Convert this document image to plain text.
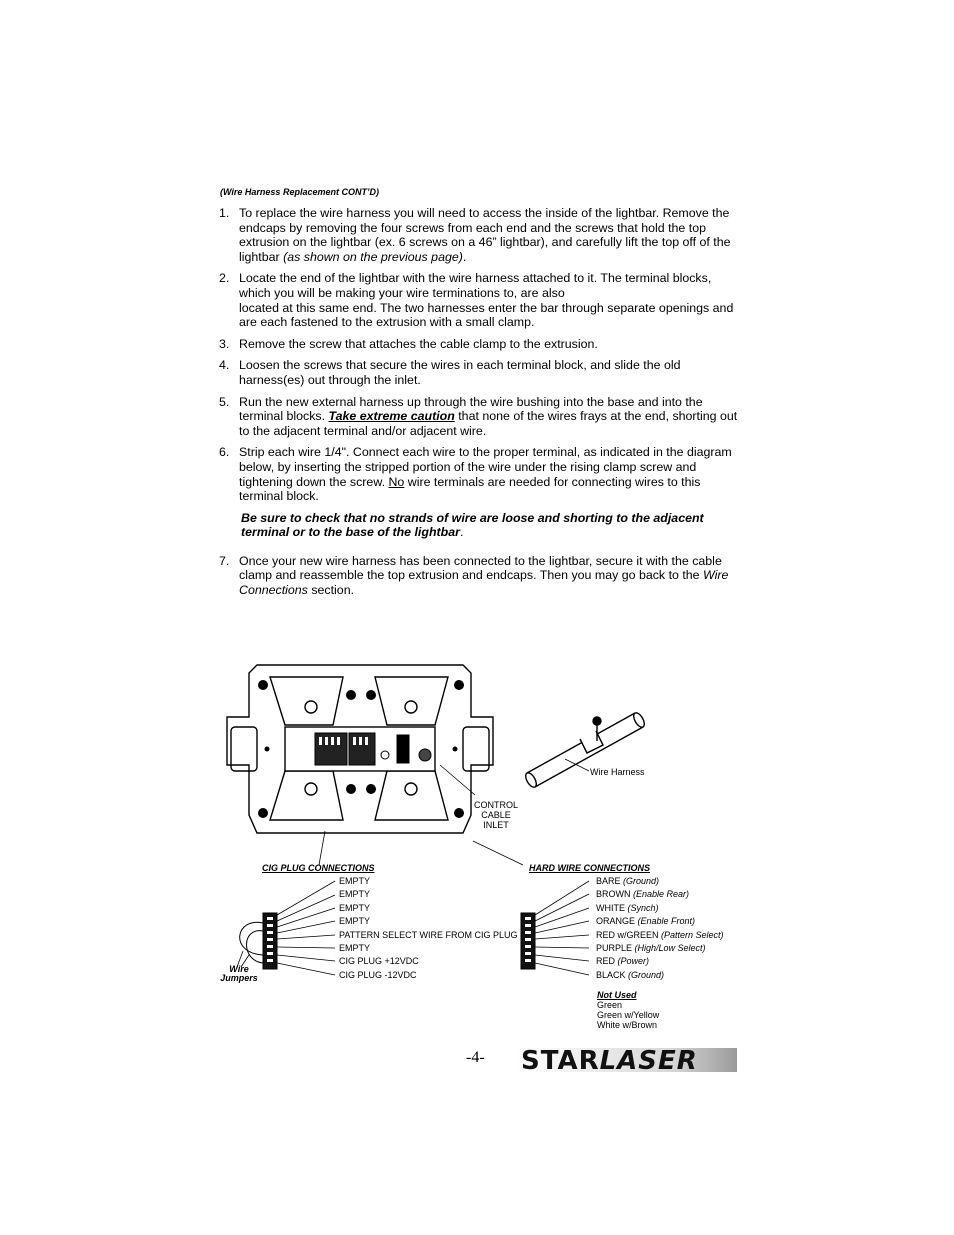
(Wire Harness Replacement CONT’D)
1. To replace the wire harness you will need to access the inside of the lightbar. Remove the endcaps by removing the four screws from each end and the screws that hold the top extrusion on the lightbar (ex. 6 screws on a 46” lightbar), and carefully lift the top off of the lightbar (as shown on the previous page).

2. Locate the end of the lightbar with the wire harness attached to it. The terminal blocks, which you will be making your wire terminations to, are also

located at this same end. The two harnesses enter the bar through separate openings and are each fastened to the extrusion with a small clamp.

3. Remove the screw that attaches the cable clamp to the extrusion.

4. Loosen the screws that secure the wires in each terminal block, and slide the old harness(es) out through the inlet.

5. Run the new external harness up through the wire bushing into the base and into the terminal blocks. Take extreme caution that none of the wires frays at the end, shorting out to the adjacent terminal and/or adjacent wire.

6. Strip each wire 1/4". Connect each wire to the proper terminal, as indicated in the diagram below, by inserting the stripped portion of the wire under the rising clamp screw and tightening down the screw. No wire terminals are needed for connecting wires to this terminal block.

Be sure to check that no strands of wire are loose and shorting to the adjacent terminal or to the base of the lightbar.

7. Once your new wire harness has been connected to the lightbar, secure it with the cable clamp and reassemble the top extrusion and endcaps. Then you may go back to the Wire Connections section.

Wire Harness
CONTROL
CABLE
INLET
CIG PLUG CONNECTIONS
EMPTY
EMPTY
EMPTY
EMPTY
PATTERN SELECT WIRE FROM CIG PLUG
EMPTY
CIG PLUG +12VDC
CIG PLUG -12VDC
Wire
Jumpers
HARD WIRE CONNECTIONS
BARE (Ground)
BROWN (Enable Rear)
WHITE (Synch)
ORANGE (Enable Front)
RED w/GREEN (Pattern Select)
PURPLE (High/Low Select)
RED (Power)
BLACK (Ground)
Not Used
Green
Green w/Yellow
White w/Brown
-4- STARLASER
